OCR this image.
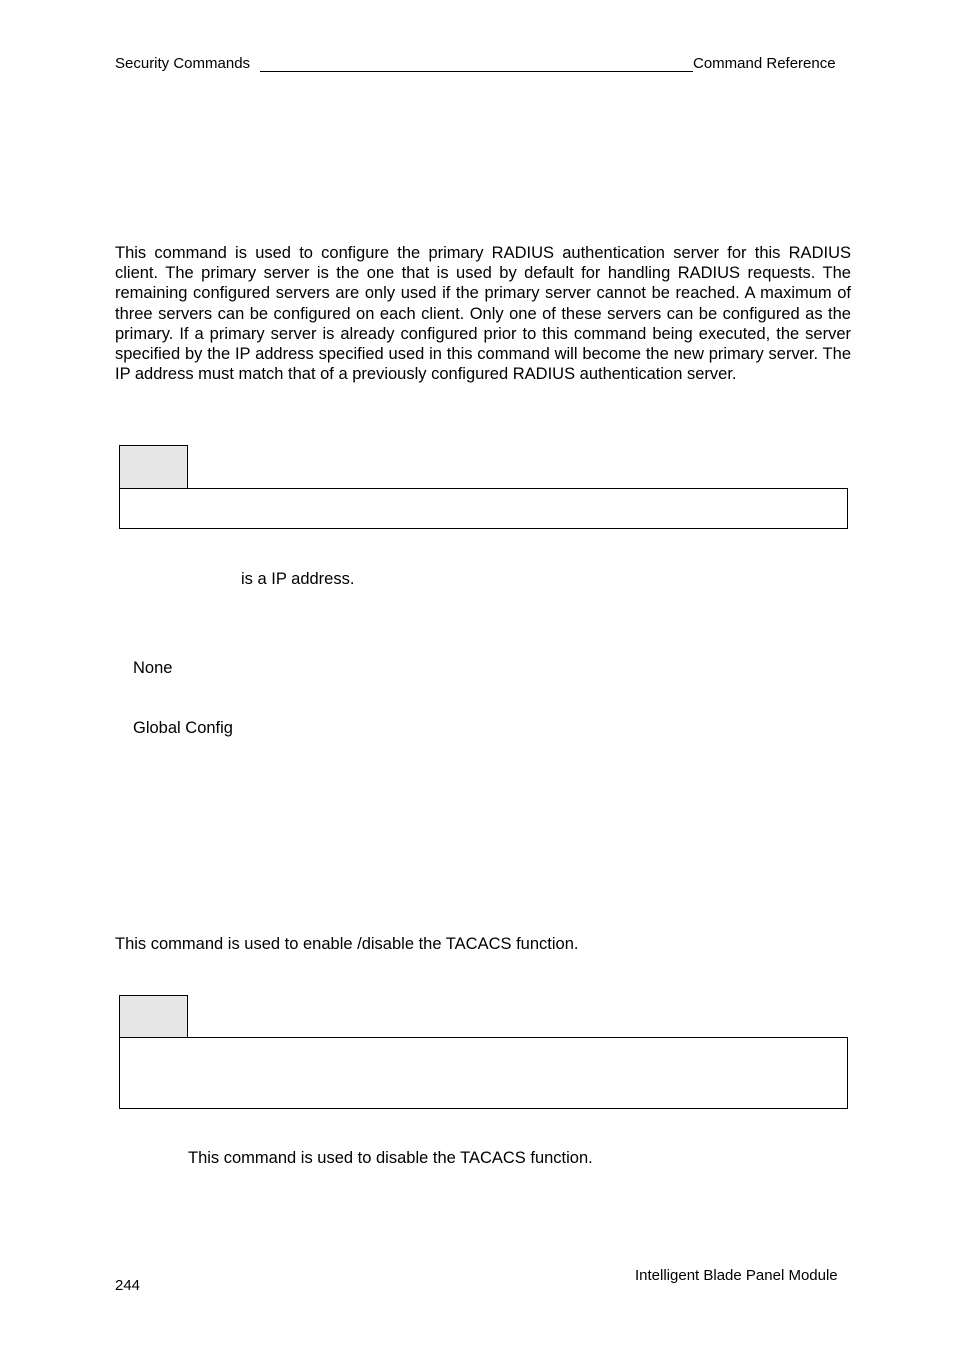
Security Commands	Command Reference
This command is used to configure the primary RADIUS authentication server for this RADIUS client. The primary server is the one that is used by default for handling RADIUS requests. The remaining configured servers are only used if the primary server cannot be reached. A maximum of three servers can be configured on each client. Only one of these servers can be configured as the primary. If a primary server is already configured prior to this command being executed, the server specified by the IP address specified used in this command will become the new primary server. The IP address must match that of a previously configured RADIUS authentication server.
is a IP address.
None
Global Config
This command is used to enable /disable the TACACS function.
This command is used to disable the TACACS function.
244
Intelligent Blade Panel Module
